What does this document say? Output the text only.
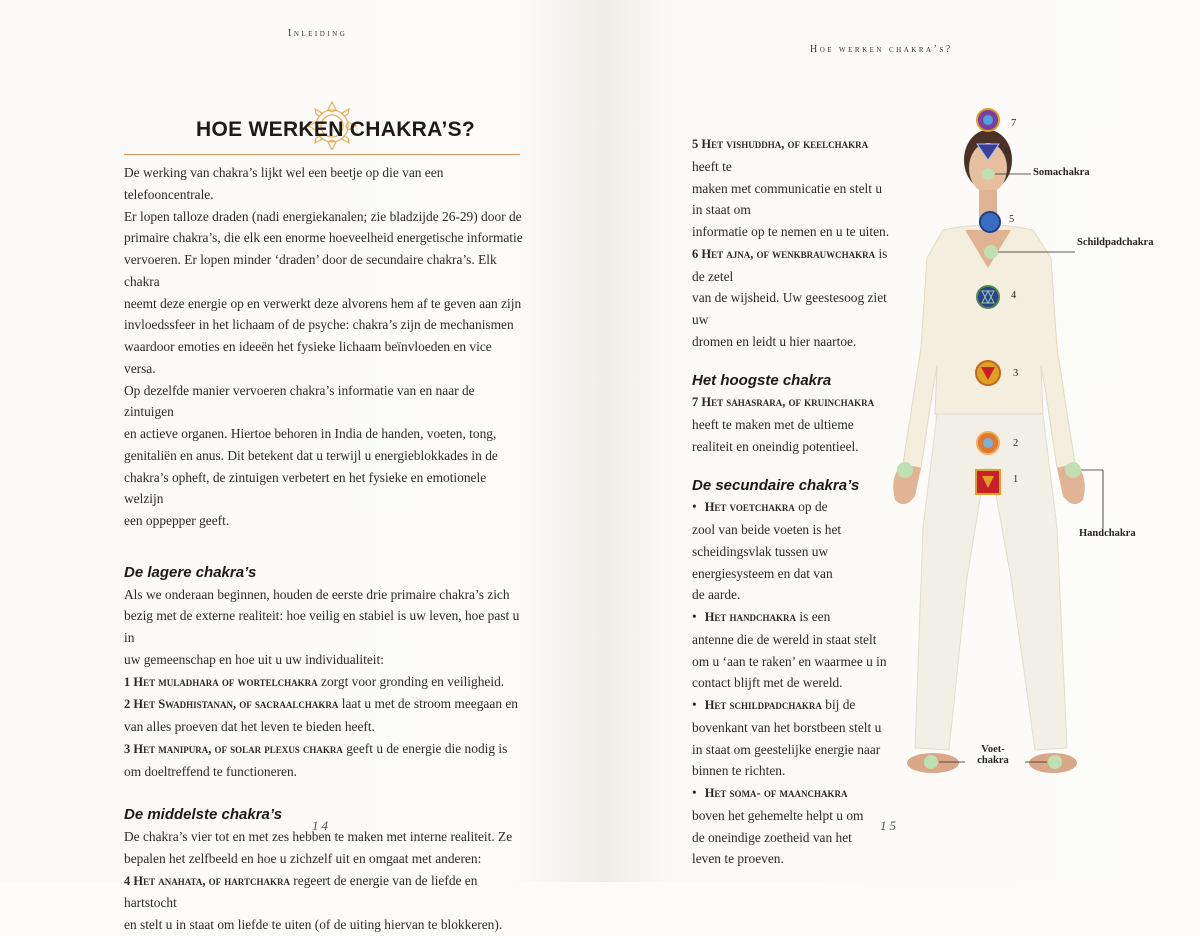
Inleiding
HOE WERKEN CHAKRA’S?

De werking van chakra’s lijkt wel een beetje op die van een telefooncentrale.

Er lopen talloze draden (nadi energiekanalen; zie bladzijde 26-29) door de

primaire chakra’s, die elk een enorme hoeveelheid energetische informatie

vervoeren. Er lopen minder ‘draden’ door de secundaire chakra’s. Elk chakra

neemt deze energie op en verwerkt deze alvorens hem af te geven aan zijn

invloedssfeer in het lichaam of de psyche: chakra’s zijn de mechanismen

waardoor emoties en ideeën het fysieke lichaam beïnvloeden en vice versa.

Op dezelfde manier vervoeren chakra’s informatie van en naar de zintuigen

en actieve organen. Hiertoe behoren in India de handen, voeten, tong,

genitaliën en anus. Dit betekent dat u terwijl u energieblokkades in de

chakra’s opheft, de zintuigen verbetert en het fysieke en emotionele welzijn

een oppepper geeft.

De lagere chakra’s

Als we onderaan beginnen, houden de eerste drie primaire chakra’s zich

bezig met de externe realiteit: hoe veilig en stabiel is uw leven, hoe past u in

uw gemeenschap en hoe uit u uw individualiteit:

1 Het muladhara of wortelchakra zorgt voor gronding en veiligheid.

2 Het Swadhistanan, of sacraalchakra laat u met de stroom meegaan en

van alles proeven dat het leven te bieden heeft.

3 Het manipura, of solar plexus chakra geeft u de energie die nodig is

om doeltreffend te functioneren.

De middelste chakra’s

De chakra’s vier tot en met zes hebben te maken met interne realiteit. Ze

bepalen het zelfbeeld en hoe u zichzelf uit en omgaat met anderen:

4 Het anahata, of hartchakra regeert de energie van de liefde en hartstocht

en stelt u in staat om liefde te uiten (of de uiting hiervan te blokkeren).

14
Hoe werken chakra’s?

5 Het vishuddha, of keelchakra heeft te

maken met communicatie en stelt u in staat om

informatie op te nemen en u te uiten.

6 Het ajna, of wenkbrauwchakra is de zetel

van de wijsheid. Uw geestesoog ziet uw

dromen en leidt u hier naartoe.

Het hoogste chakra

7 Het sahasrara, of kruinchakra

heeft te maken met de ultieme

realiteit en oneindig potentieel.

De secundaire chakra’s

• Het voetchakra op de

zool van beide voeten is het

scheidingsvlak tussen uw

energiesysteem en dat van

de aarde.

• Het handchakra is een

antenne die de wereld in staat stelt

om u ‘aan te raken’ en waarmee u in

contact blijft met de wereld.

• Het schildpadchakra bij de

bovenkant van het borstbeen stelt u

in staat om geestelijke energie naar

binnen te richten.

• Het soma- of maanchakra

boven het gehemelte helpt u om

de oneindige zoetheid van het

leven te proeven.

7
6
5
4
3
2
1
Somachakra
Schildpadchakra
Handchakra
Voet-
chakra
15
